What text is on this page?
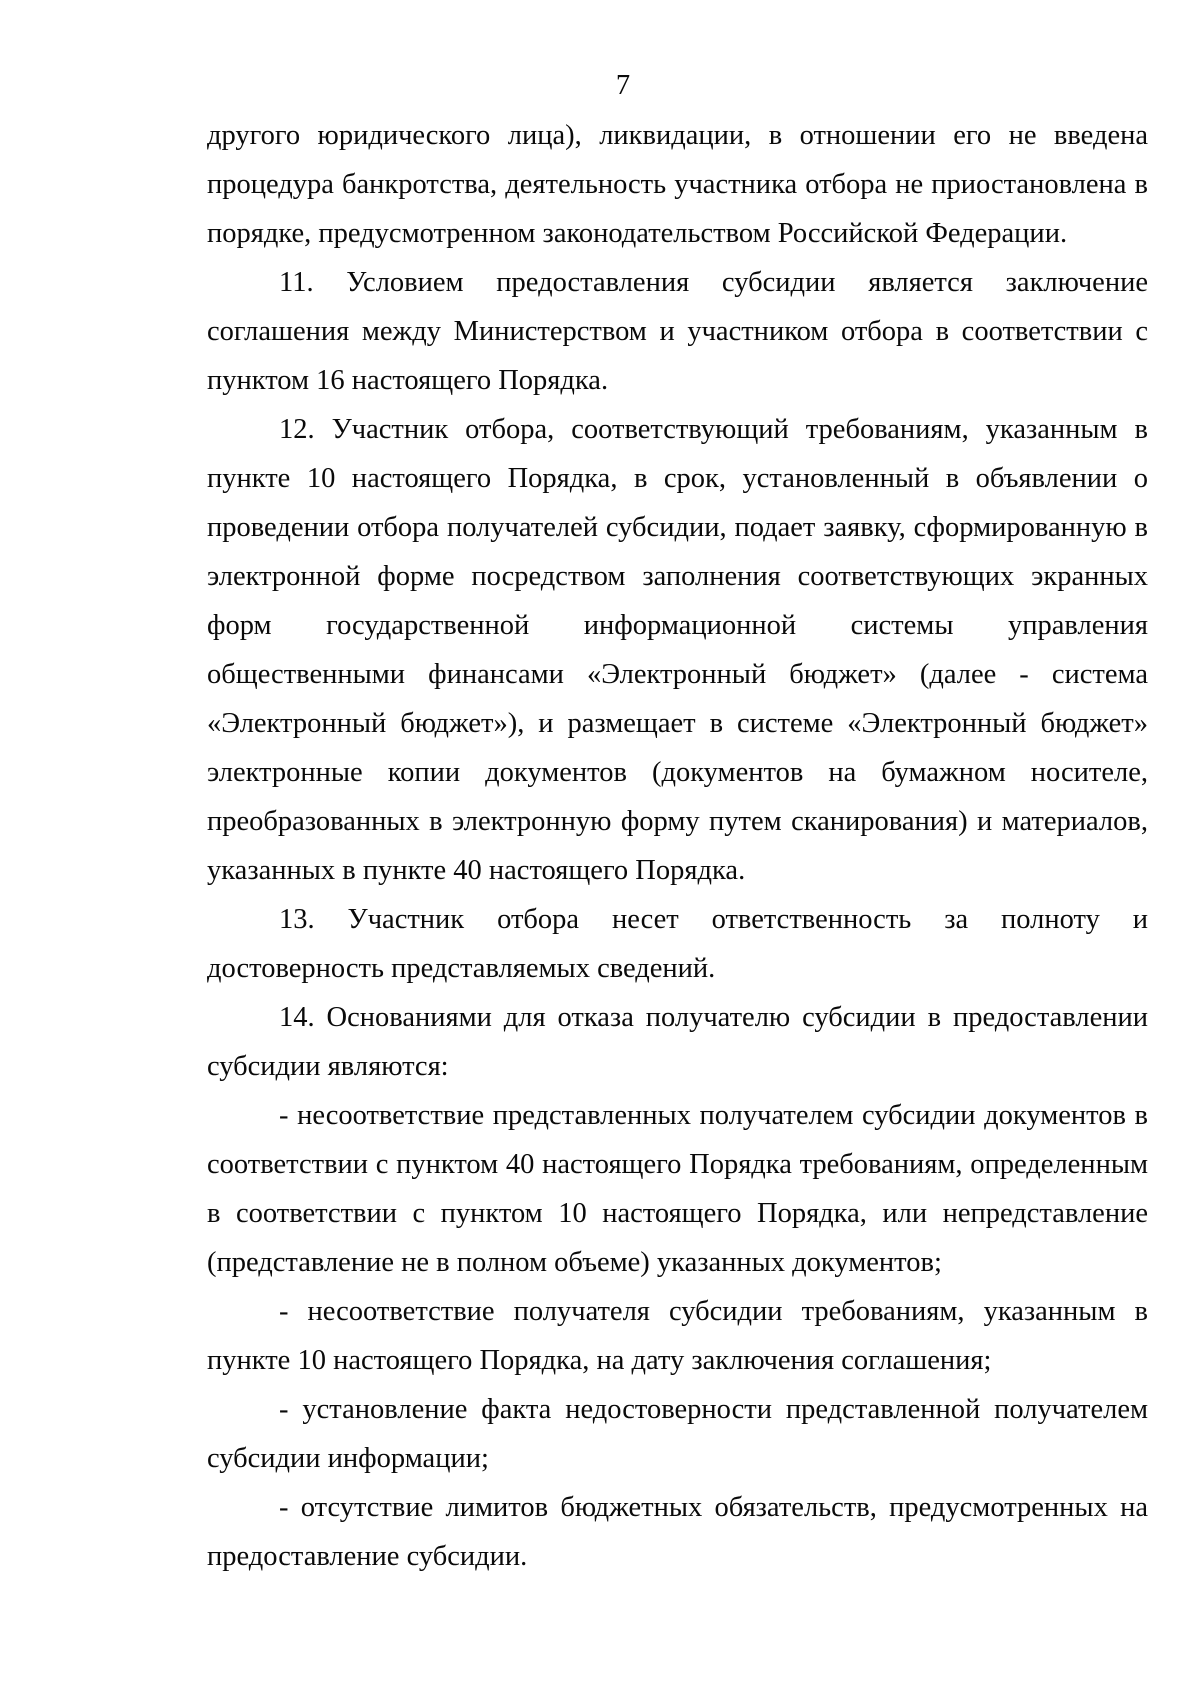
7

другого юридического лица), ликвидации, в отношении его не введена процедура банкротства, деятельность участника отбора не приостановлена в порядке, предусмотренном законодательством Российской Федерации.

11. Условием предоставления субсидии является заключение соглашения между Министерством и участником отбора в соответствии с пунктом 16 настоящего Порядка.

12. Участник отбора, соответствующий требованиям, указанным в пункте 10 настоящего Порядка, в срок, установленный в объявлении о проведении отбора получателей субсидии, подает заявку, сформированную в электронной форме посредством заполнения соответствующих экранных форм государственной информационной системы управления общественными финансами «Электронный бюджет» (далее - система «Электронный бюджет»), и размещает в системе «Электронный бюджет» электронные копии документов (документов на бумажном носителе, преобразованных в электронную форму путем сканирования) и материалов, указанных в пункте 40 настоящего Порядка.

13. Участник отбора несет ответственность за полноту и достоверность представляемых сведений.

14. Основаниями для отказа получателю субсидии в предоставлении субсидии являются:

- несоответствие представленных получателем субсидии документов в соответствии с пунктом 40 настоящего Порядка требованиям, определенным в соответствии с пунктом 10 настоящего Порядка, или непредставление (представление не в полном объеме) указанных документов;

- несоответствие получателя субсидии требованиям, указанным в пункте 10 настоящего Порядка, на дату заключения соглашения;

- установление факта недостоверности представленной получателем субсидии информации;

- отсутствие лимитов бюджетных обязательств, предусмотренных на предоставление субсидии.
